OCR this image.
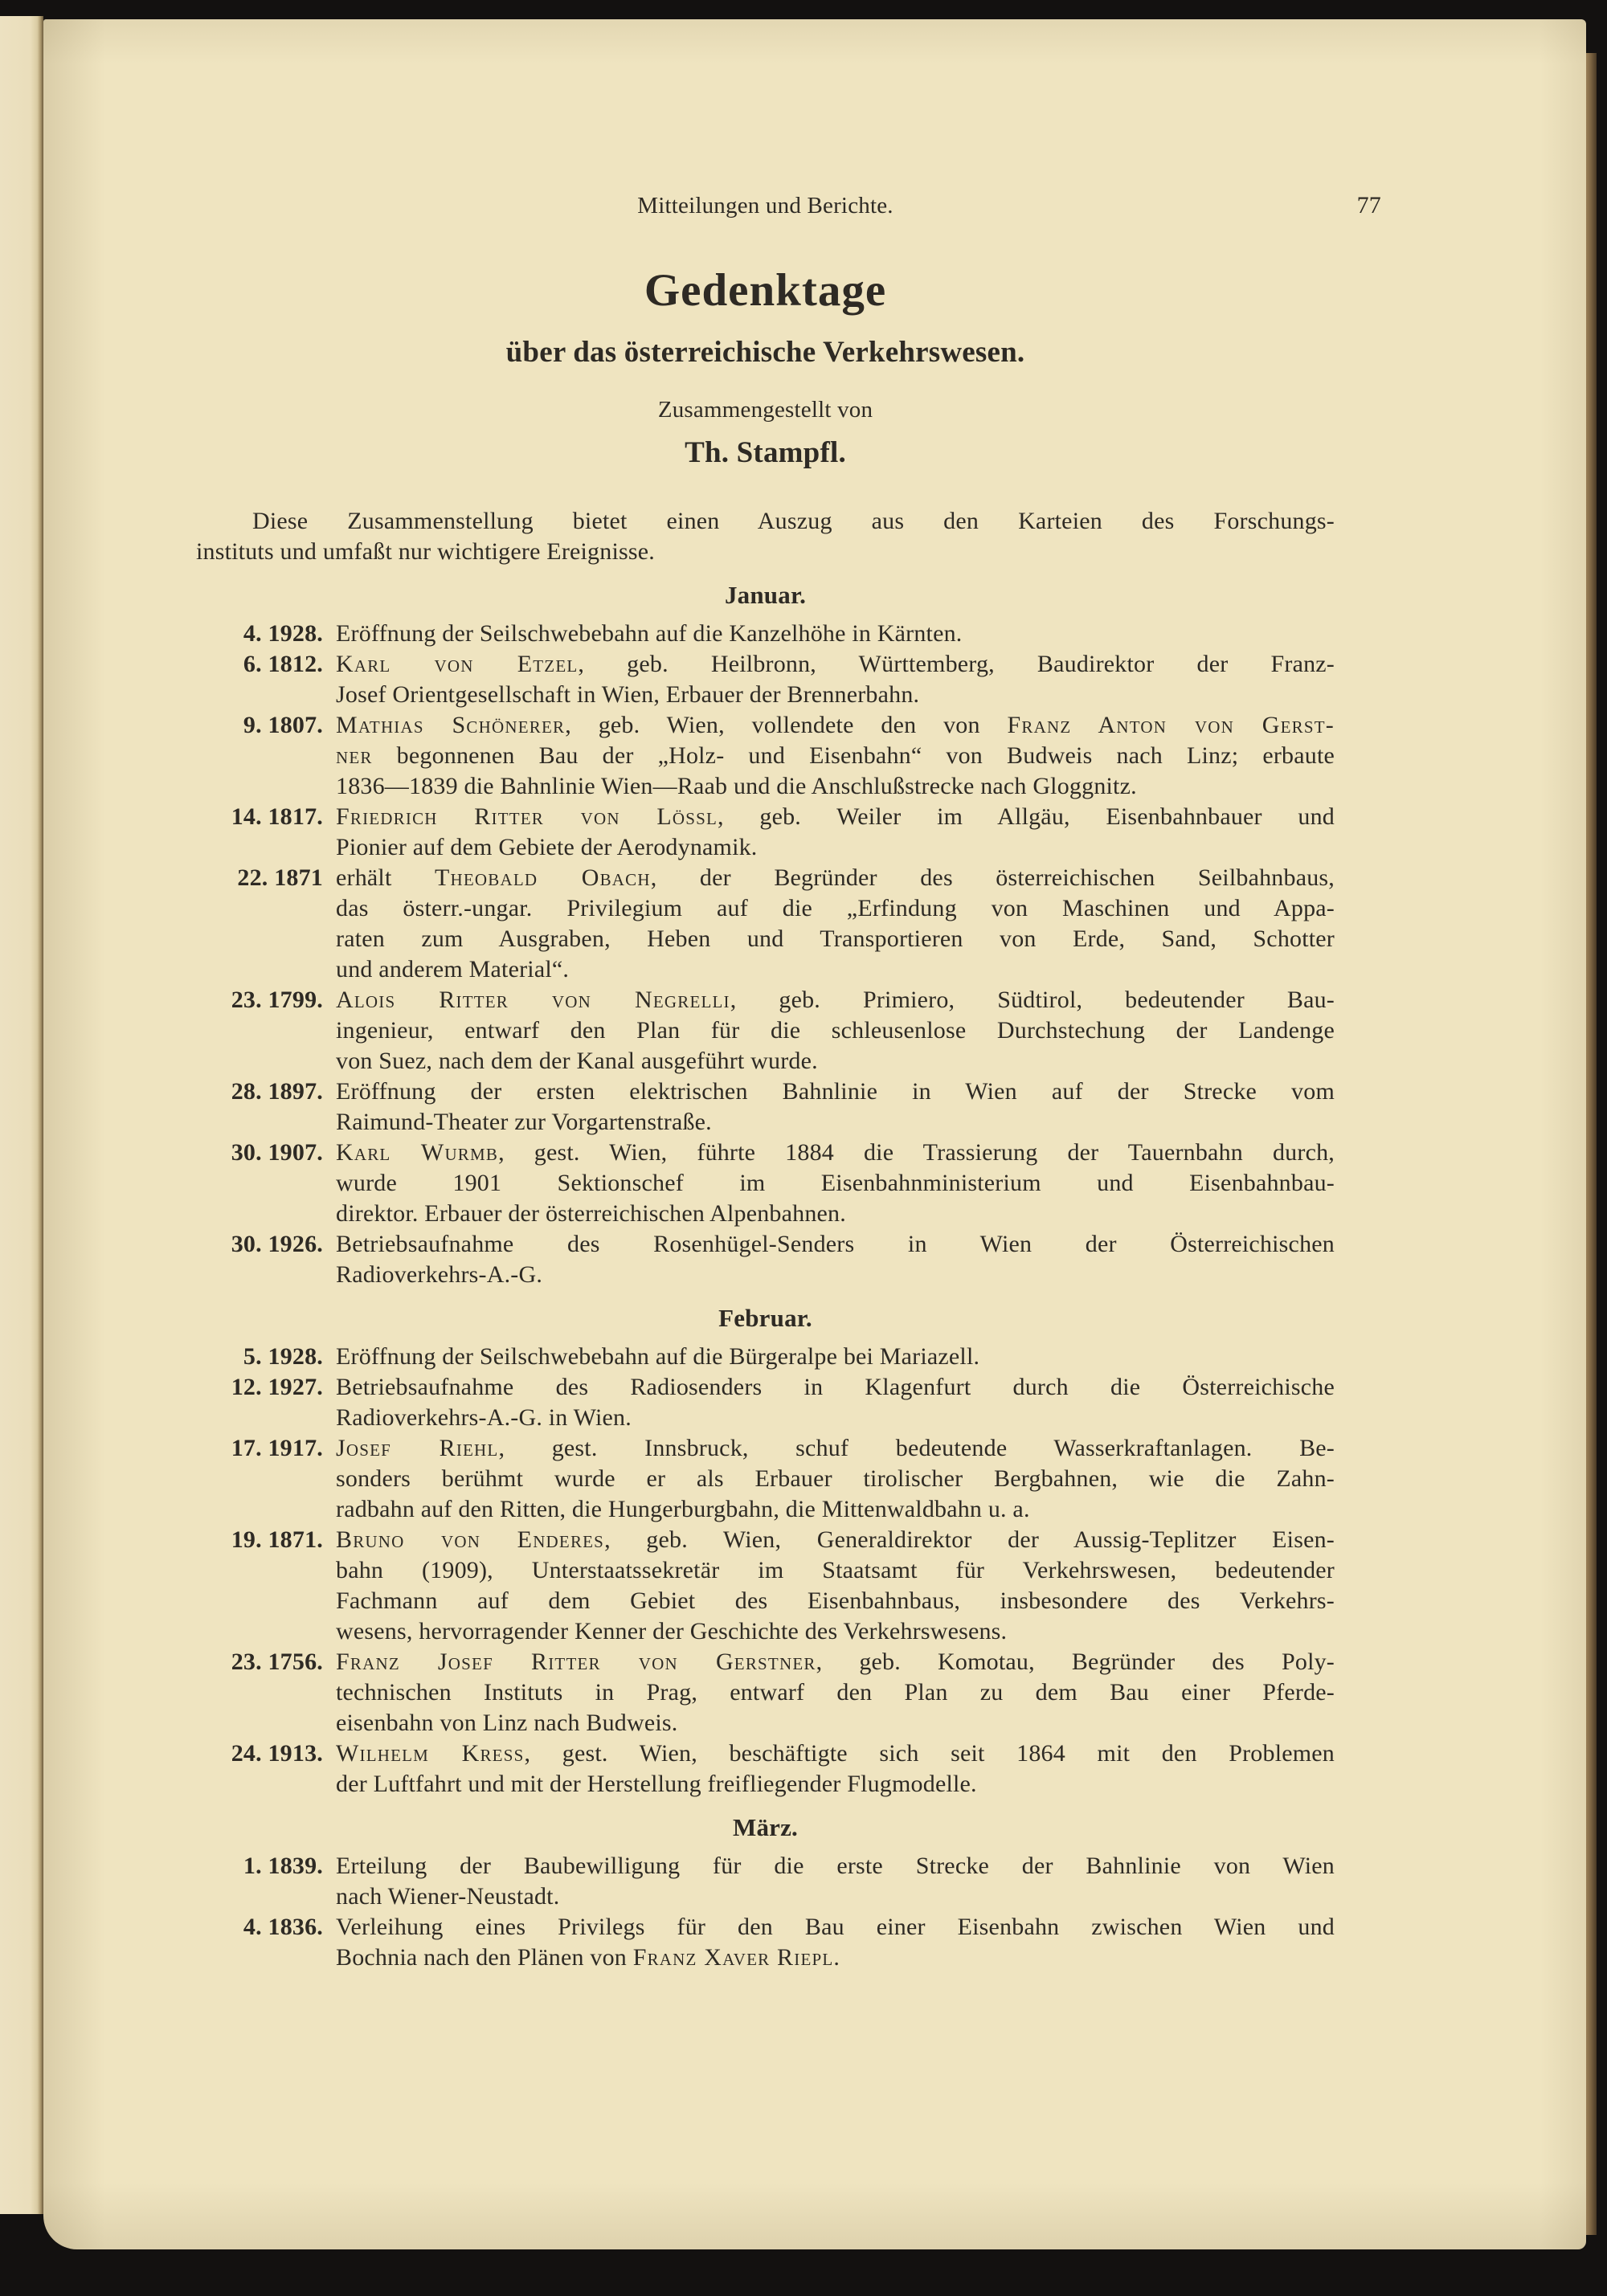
Mitteilungen und Berichte.	77
Gedenktage
über das österreichische Verkehrswesen.
Zusammengestellt von
Th. Stampfl.
Diese Zusammenstellung bietet einen Auszug aus den Karteien des Forschungs-
instituts und umfaßt nur wichtigere Ereignisse.
Januar.
4. 1928. Eröffnung der Seilschwebebahn auf die Kanzelhöhe in Kärnten.
6. 1812. Karl von Etzel, geb. Heilbronn, Württemberg, Baudirektor der Franz-
Josef Orientgesellschaft in Wien, Erbauer der Brennerbahn.
9. 1807. Mathias Schönerer, geb. Wien, vollendete den von Franz Anton von Gerst-
ner begonnenen Bau der „Holz- und Eisenbahn“ von Budweis nach Linz; erbaute
1836—1839 die Bahnlinie Wien—Raab und die Anschlußstrecke nach Gloggnitz.
14. 1817. Friedrich Ritter von Lössl, geb. Weiler im Allgäu, Eisenbahnbauer und
Pionier auf dem Gebiete der Aerodynamik.
22. 1871 erhält Theobald Obach, der Begründer des österreichischen Seilbahnbaus,
das österr.-ungar. Privilegium auf die „Erfindung von Maschinen und Appa-
raten zum Ausgraben, Heben und Transportieren von Erde, Sand, Schotter
und anderem Material“.
23. 1799. Alois Ritter von Negrelli, geb. Primiero, Südtirol, bedeutender Bau-
ingenieur, entwarf den Plan für die schleusenlose Durchstechung der Landenge
von Suez, nach dem der Kanal ausgeführt wurde.
28. 1897. Eröffnung der ersten elektrischen Bahnlinie in Wien auf der Strecke vom
Raimund-Theater zur Vorgartenstraße.
30. 1907. Karl Wurmb, gest. Wien, führte 1884 die Trassierung der Tauernbahn durch,
wurde 1901 Sektionschef im Eisenbahnministerium und Eisenbahnbau-
direktor. Erbauer der österreichischen Alpenbahnen.
30. 1926. Betriebsaufnahme des Rosenhügel-Senders in Wien der Österreichischen
Radioverkehrs-A.-G.
Februar.
5. 1928. Eröffnung der Seilschwebebahn auf die Bürgeralpe bei Mariazell.
12. 1927. Betriebsaufnahme des Radiosenders in Klagenfurt durch die Österreichische
Radioverkehrs-A.-G. in Wien.
17. 1917. Josef Riehl, gest. Innsbruck, schuf bedeutende Wasserkraftanlagen. Be-
sonders berühmt wurde er als Erbauer tirolischer Bergbahnen, wie die Zahn-
radbahn auf den Ritten, die Hungerburgbahn, die Mittenwaldbahn u. a.
19. 1871. Bruno von Enderes, geb. Wien, Generaldirektor der Aussig-Teplitzer Eisen-
bahn (1909), Unterstaatssekretär im Staatsamt für Verkehrswesen, bedeutender
Fachmann auf dem Gebiet des Eisenbahnbaus, insbesondere des Verkehrs-
wesens, hervorragender Kenner der Geschichte des Verkehrswesens.
23. 1756. Franz Josef Ritter von Gerstner, geb. Komotau, Begründer des Poly-
technischen Instituts in Prag, entwarf den Plan zu dem Bau einer Pferde-
eisenbahn von Linz nach Budweis.
24. 1913. Wilhelm Kress, gest. Wien, beschäftigte sich seit 1864 mit den Problemen
der Luftfahrt und mit der Herstellung freifliegender Flugmodelle.
März.
1. 1839. Erteilung der Baubewilligung für die erste Strecke der Bahnlinie von Wien
nach Wiener-Neustadt.
4. 1836. Verleihung eines Privilegs für den Bau einer Eisenbahn zwischen Wien und
Bochnia nach den Plänen von Franz Xaver Riepl.
